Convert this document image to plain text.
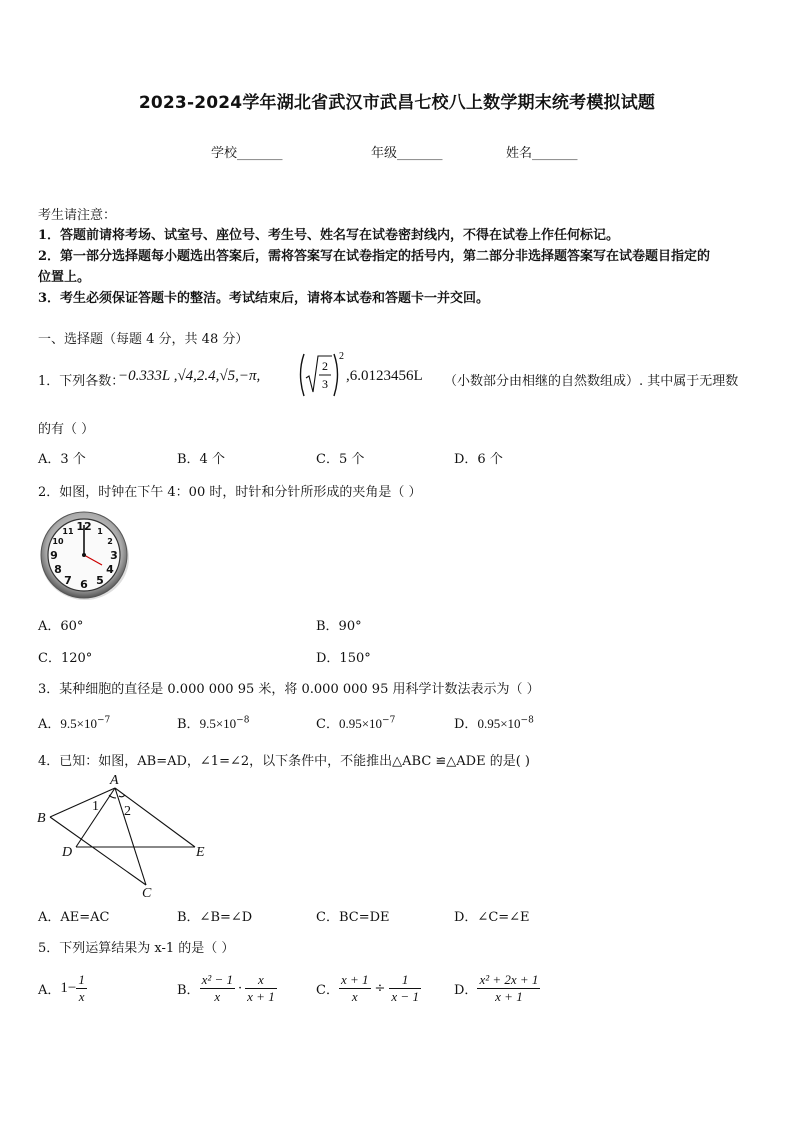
2023-2024学年湖北省武汉市武昌七校八上数学期末统考模拟试题
学校_______	年级_______	姓名_______
考生请注意：
1．答题前请将考场、试室号、座位号、考生号、姓名写在试卷密封线内，不得在试卷上作任何标记。
2．第一部分选择题每小题选出答案后，需将答案写在试卷指定的括号内，第二部分非选择题答案写在试卷题目指定的
位置上。
3．考生必须保证答题卡的整洁。考试结束后，请将本试卷和答题卡一并交回。
一、选择题（每题 4 分，共 48 分）
1．下列各数：
−0.333L ,√4,2.4,√5,−π,
2
3
2
,6.0123456L （小数部分由相继的自然数组成）. 其中属于无理数
的有（ ）
A．3 个	B．4 个	C．5 个	D．6 个
2．如图，时钟在下午 4：00 时，时针和分针所形成的夹角是（ ）
12 1
2
3
4
5
6
7
8
9
10
11
A．60°	B．90°
C．120°	D．150°
3．某种细胞的直径是 0.000 000 95 米，将 0.000 000 95 用科学计数法表示为（ ）
A．$9.5\times 10^{-7}$	B．$9.5\times 10^{-8}$	C．$0.95\times 10^{-7}$	D．$0.95\times 10^{-8}$
4．已知：如图，AB=AD，∠1=∠2，以下条件中，不能推出△ABC ≌△ADE 的是( )
A
B
C
D	E
1 2
A．AE=AC	B．∠B=∠D	C．BC=DE	D．∠C=∠E
5．下列运算结果为 x-1 的是（ ）
A． $1- \frac{1}{x}$	B． $\frac{\text{x² − 1}}{x} \cdot \frac{x}{x + 1}$	C． $\frac{x + 1}{x} \div \frac{1}{x - 1}$	D． $\frac{\text{x² + 2x + 1}}{x + 1}$
